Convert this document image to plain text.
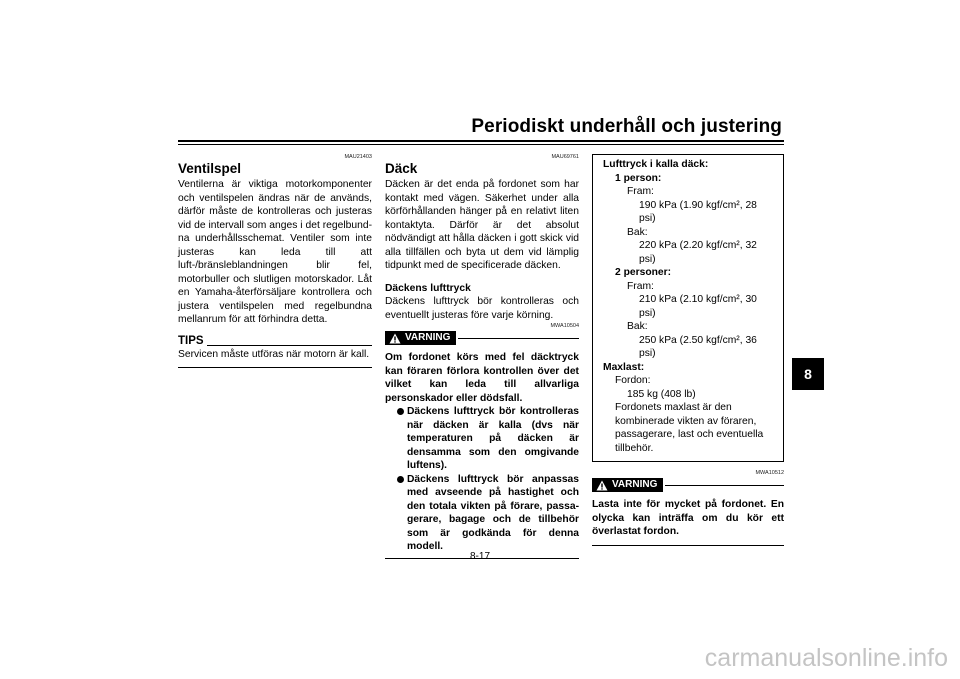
Periodiskt underhåll och justering
8
MAU21403
Ventilspel

Ventilerna är viktiga motorkomponenter och ventilspelen ändras när de används, därför måste de kontrolleras och justeras vid de intervall som anges i det regelbundna underhållsschemat. Ventiler som inte justeras kan leda till att luft-/bränsleblandningen blir fel, motorbuller och slutligen motorskador. Låt en Yamaha-återförsäljare kontrollera och justera ventilspelen med regelbundna mellanrum för att förhindra detta.

TIPS

Servicen måste utföras när motorn är kall.

MAU69761
Däck

Däcken är det enda på fordonet som har kontakt med vägen. Säkerhet under alla körförhållanden hänger på en relativt liten kontaktyta. Därför är det absolut nödvändigt att hålla däcken i gott skick vid alla tillfällen och byta ut dem vid lämplig tidpunkt med de specificerade däcken.

Däckens lufttryck

Däckens lufttryck bör kontrolleras och eventuellt justeras före varje körning.

MWA10504
VARNING

Om fordonet körs med fel däcktryck kan föraren förlora kontrollen över det vilket kan leda till allvarliga personskador eller dödsfall.

Däckens lufttryck bör kontrolleras när däcken är kalla (dvs när temperaturen på däcken är densamma som den omgivande luftens).
Däckens lufttryck bör anpassas med avseende på hastighet och den totala vikten på förare, passagerare, bagage och de tillbehör som är godkända för denna modell.
Lufttryck i kalla däck:
1 person:
Fram:
190 kPa (1.90 kgf/cm², 28 psi)
Bak:
220 kPa (2.20 kgf/cm², 32 psi)
2 personer:
Fram:
210 kPa (2.10 kgf/cm², 30 psi)
Bak:
250 kPa (2.50 kgf/cm², 36 psi)
Maxlast:
Fordon:
185 kg (408 lb)
Fordonets maxlast är den kombinerade vikten av föraren, passagerare, last och eventuella tillbehör.
MWA10512
VARNING

Lasta inte för mycket på fordonet. En olycka kan inträffa om du kör ett överlastat fordon.

8-17
carmanualsonline.info
